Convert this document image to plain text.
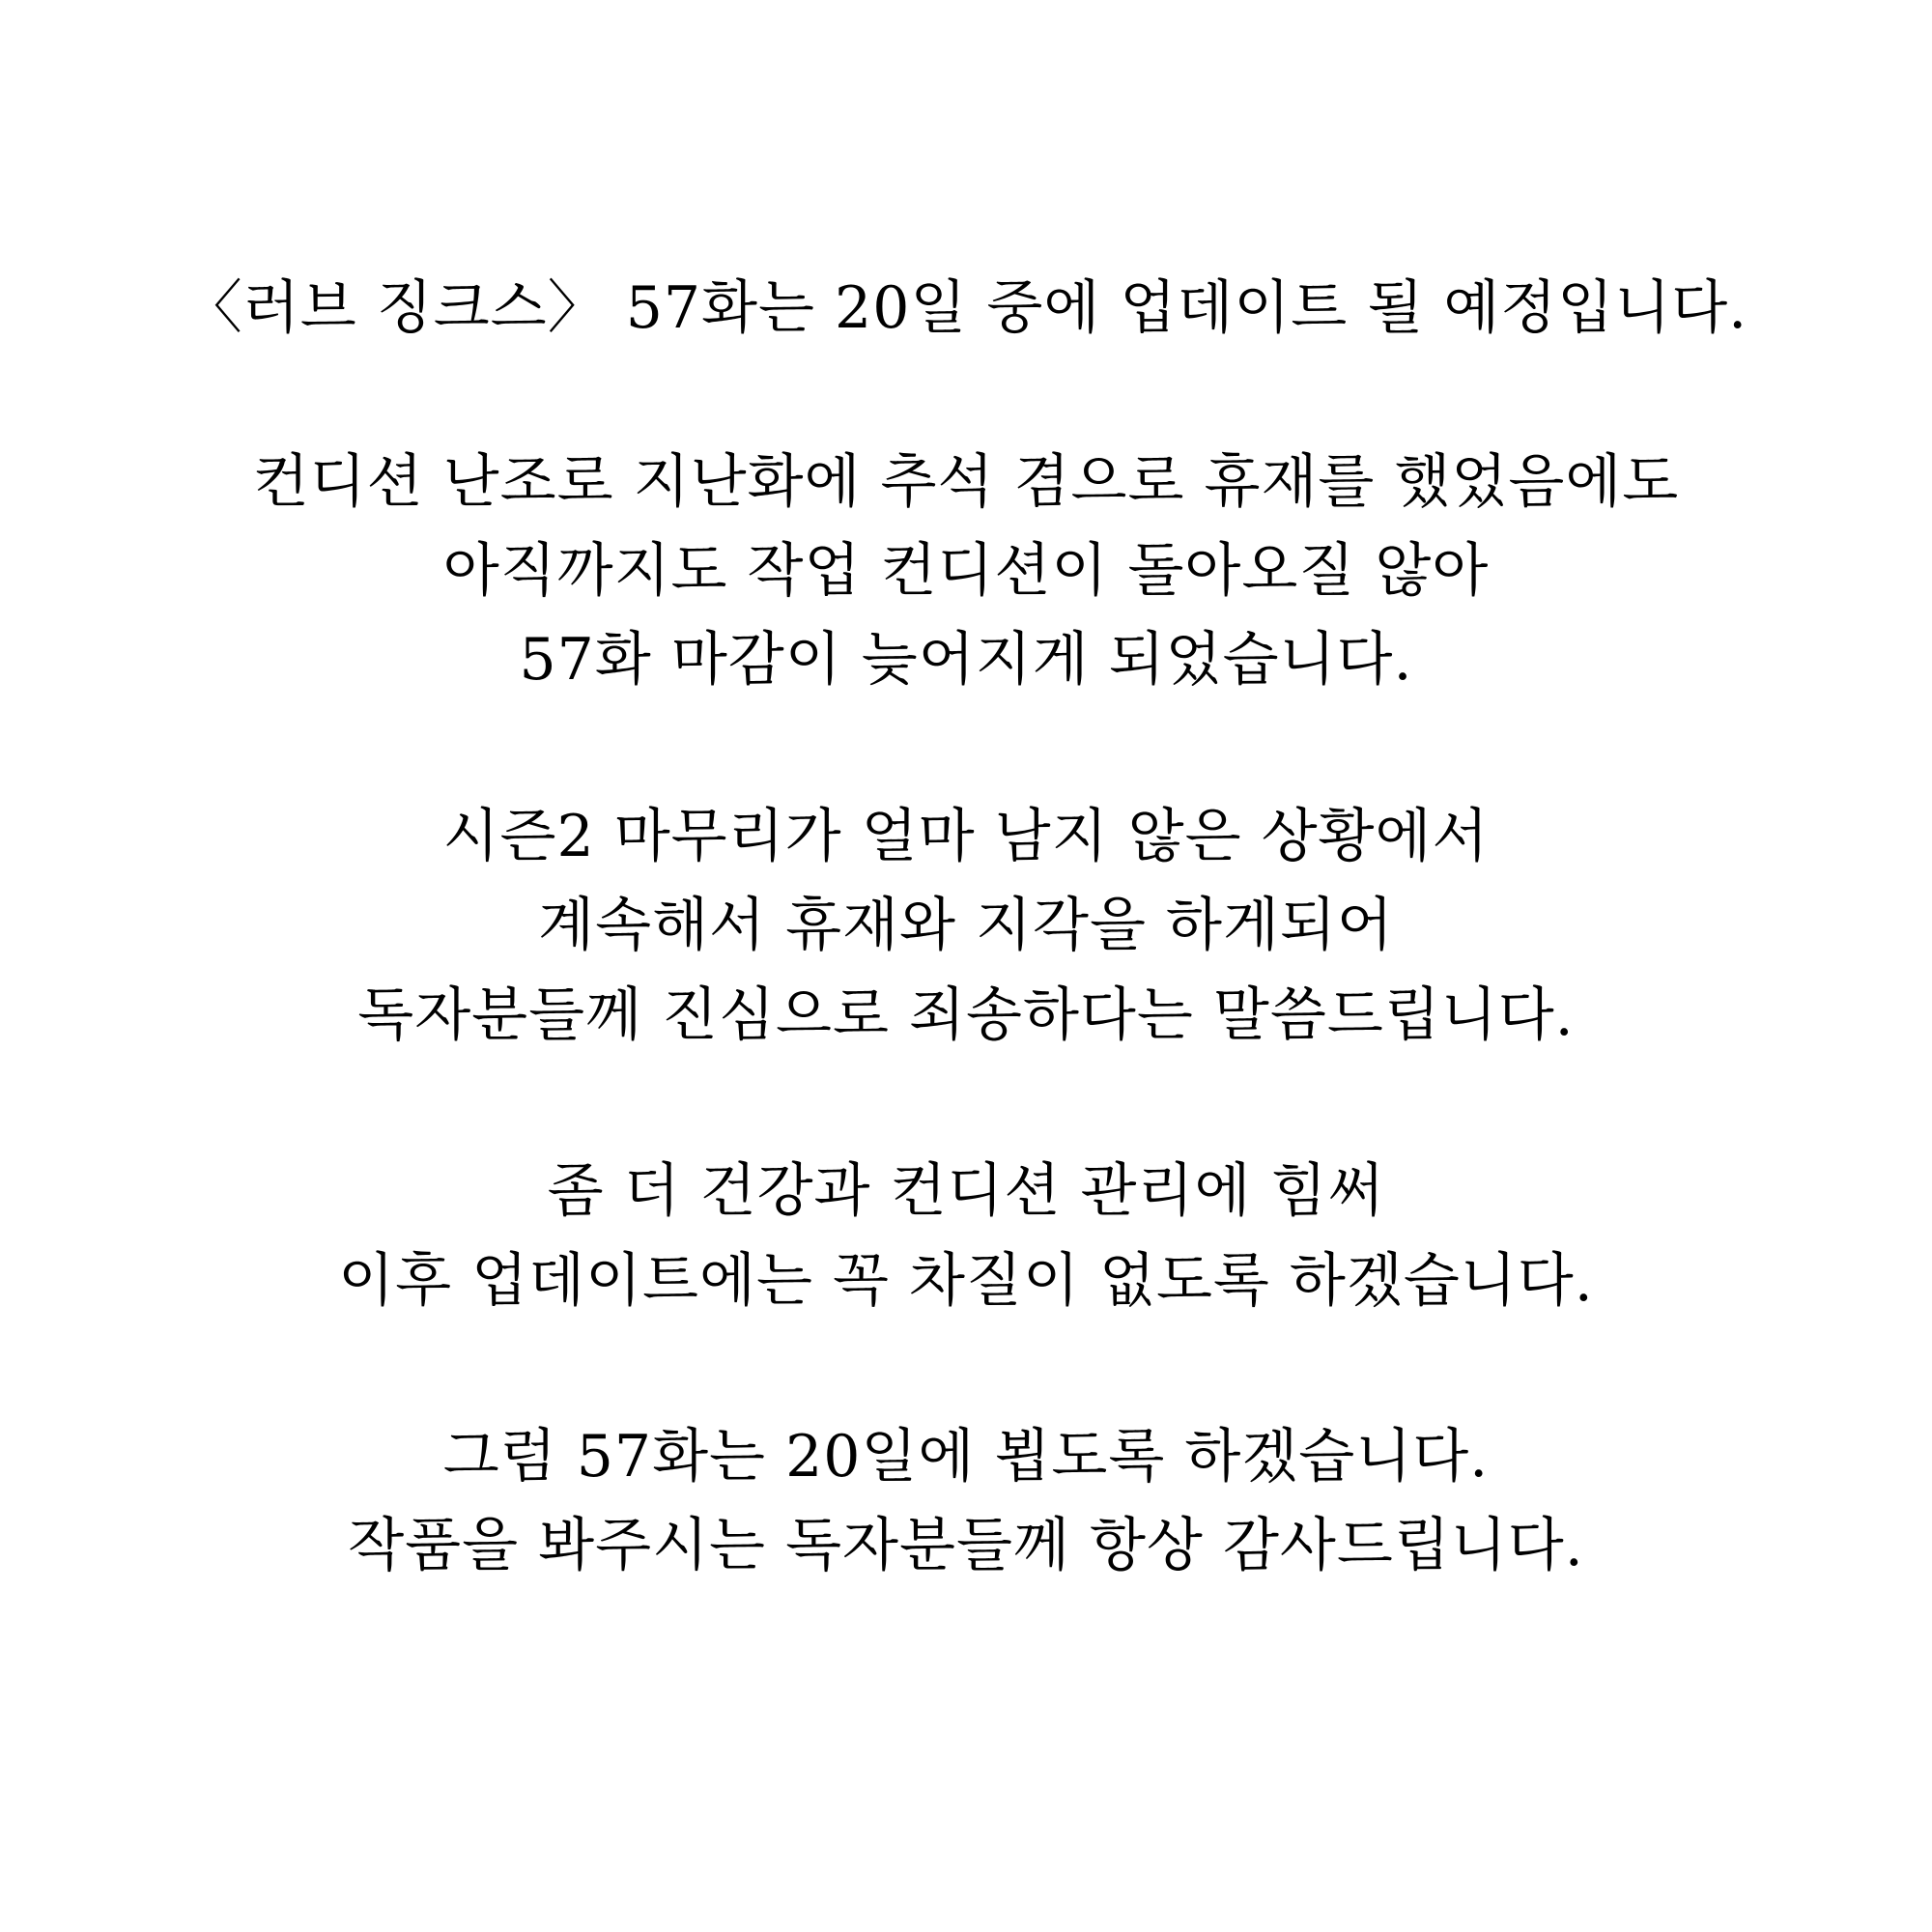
〈러브 징크스〉 57화는 20일 중에 업데이트 될 예정입니다.
컨디션 난조로 지난화에 추석 겸으로 휴재를 했었음에도
아직까지도 작업 컨디션이 돌아오질 않아
57화 마감이 늦어지게 되었습니다.
시즌2 마무리가 얼마 남지 않은 상황에서
계속해서 휴재와 지각을 하게되어
독자분들께 진심으로 죄송하다는 말씀드립니다.
좀 더 건강과 컨디션 관리에 힘써
이후 업데이트에는 꼭 차질이 없도록 하겠습니다.
그럼 57화는 20일에 뵙도록 하겠습니다.
작품을 봐주시는 독자분들께 항상 감사드립니다.
